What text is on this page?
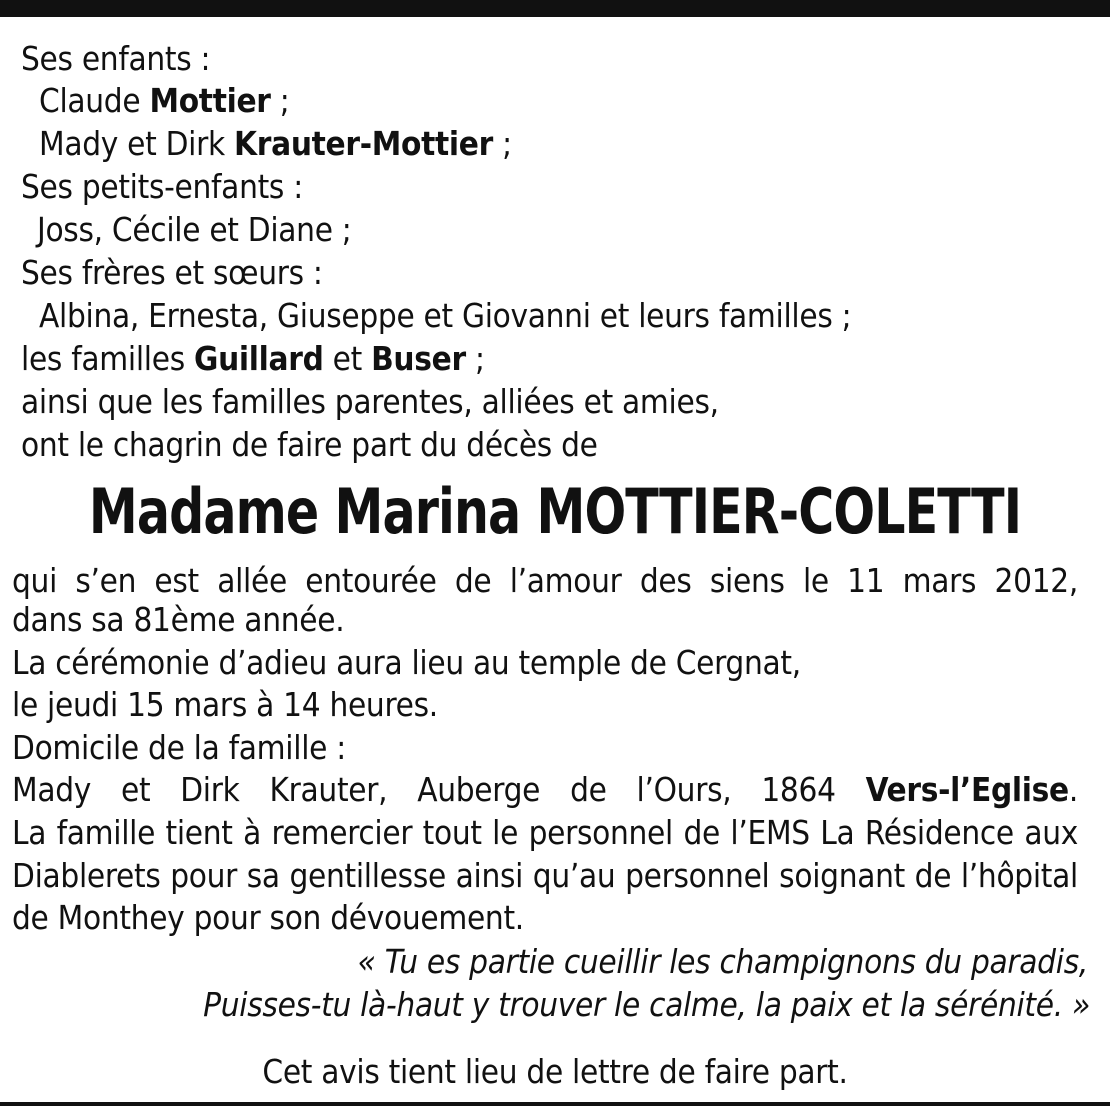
Ses enfants :
Claude Mottier ;
Mady et Dirk Krauter-Mottier ;
Ses petits-enfants :
Joss, Cécile et Diane ;
Ses frères et sœurs :
Albina, Ernesta, Giuseppe et Giovanni et leurs familles ;
les familles Guillard et Buser ;
ainsi que les familles parentes, alliées et amies,
ont le chagrin de faire part du décès de
Madame Marina MOTTIER-COLETTI
qui s’en est allée entourée de l’amour des siens le 11 mars 2012,
dans sa 81ème année.
La cérémonie d’adieu aura lieu au temple de Cergnat,
le jeudi 15 mars à 14 heures.
Domicile de la famille :
Mady et Dirk Krauter, Auberge de l’Ours, 1864 Vers-l’Eglise.
La famille tient à remercier tout le personnel de l’EMS La Résidence aux
Diablerets pour sa gentillesse ainsi qu’au personnel soignant de l’hôpital
de Monthey pour son dévouement.
« Tu es partie cueillir les champignons du paradis,
Puisses-tu là-haut y trouver le calme, la paix et la sérénité. »
Cet avis tient lieu de lettre de faire part.
